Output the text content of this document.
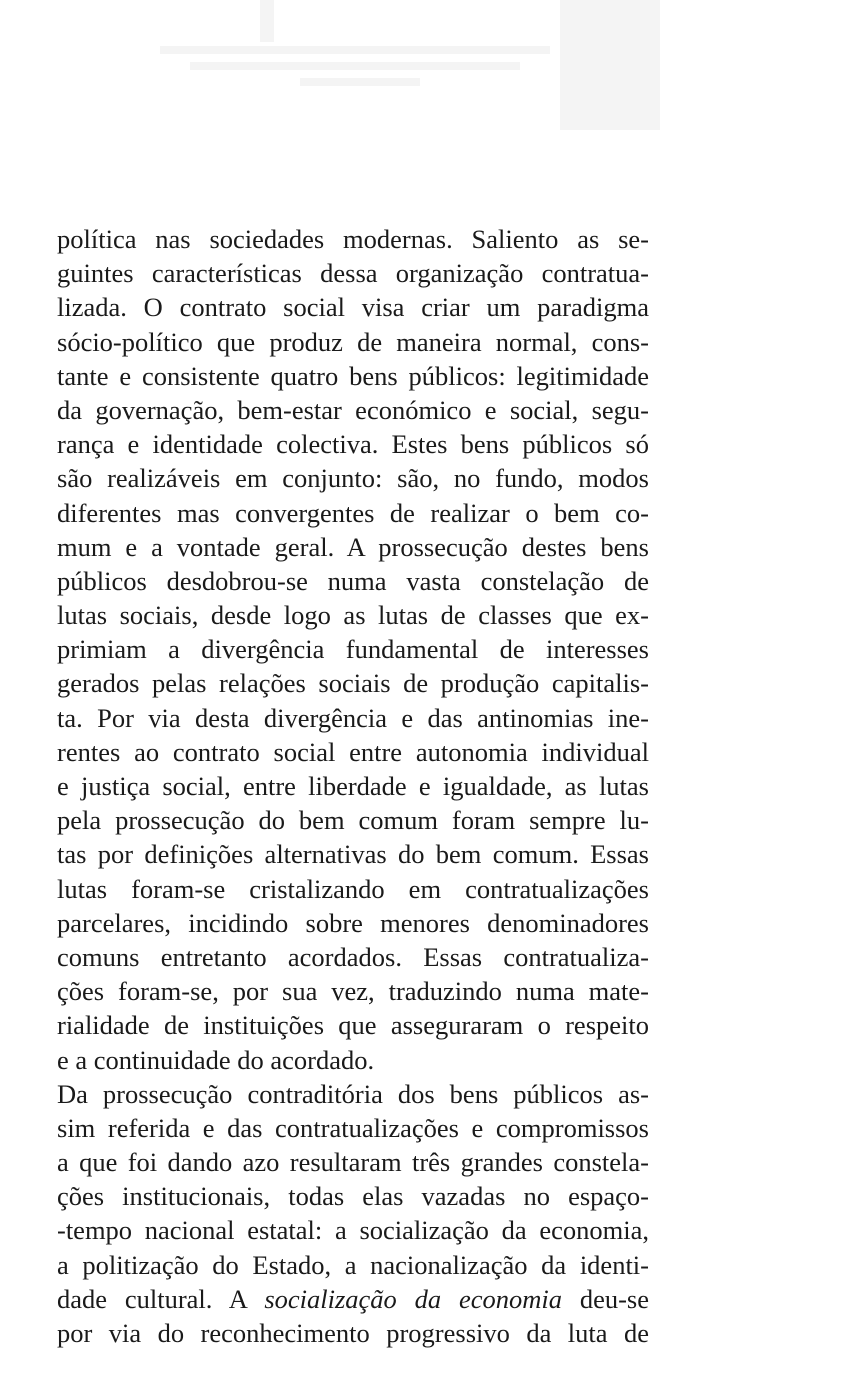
política nas sociedades modernas. Saliento as se-
guintes características dessa organização contratua-
lizada. O contrato social visa criar um paradigma
sócio-político que produz de maneira normal, cons-
tante e consistente quatro bens públicos: legitimidade
da governação, bem-estar económico e social, segu-
rança e identidade colectiva. Estes bens públicos só
são realizáveis em conjunto: são, no fundo, modos
diferentes mas convergentes de realizar o bem co-
mum e a vontade geral. A prossecução destes bens
públicos desdobrou-se numa vasta constelação de
lutas sociais, desde logo as lutas de classes que ex-
primiam a divergência fundamental de interesses
gerados pelas relações sociais de produção capitalis-
ta. Por via desta divergência e das antinomias ine-
rentes ao contrato social entre autonomia individual
e justiça social, entre liberdade e igualdade, as lutas
pela prossecução do bem comum foram sempre lu-
tas por definições alternativas do bem comum. Essas
lutas foram-se cristalizando em contratualizações
parcelares, incidindo sobre menores denominadores
comuns entretanto acordados. Essas contratualiza-
ções foram-se, por sua vez, traduzindo numa mate-
rialidade de instituições que asseguraram o respeito
e a continuidade do acordado.
Da prossecução contraditória dos bens públicos as-
sim referida e das contratualizações e compromissos
a que foi dando azo resultaram três grandes constela-
ções institucionais, todas elas vazadas no espaço-
-tempo nacional estatal: a socialização da economia,
a politização do Estado, a nacionalização da identi-
dade cultural. A socialização da economia deu-se
por via do reconhecimento progressivo da luta de
